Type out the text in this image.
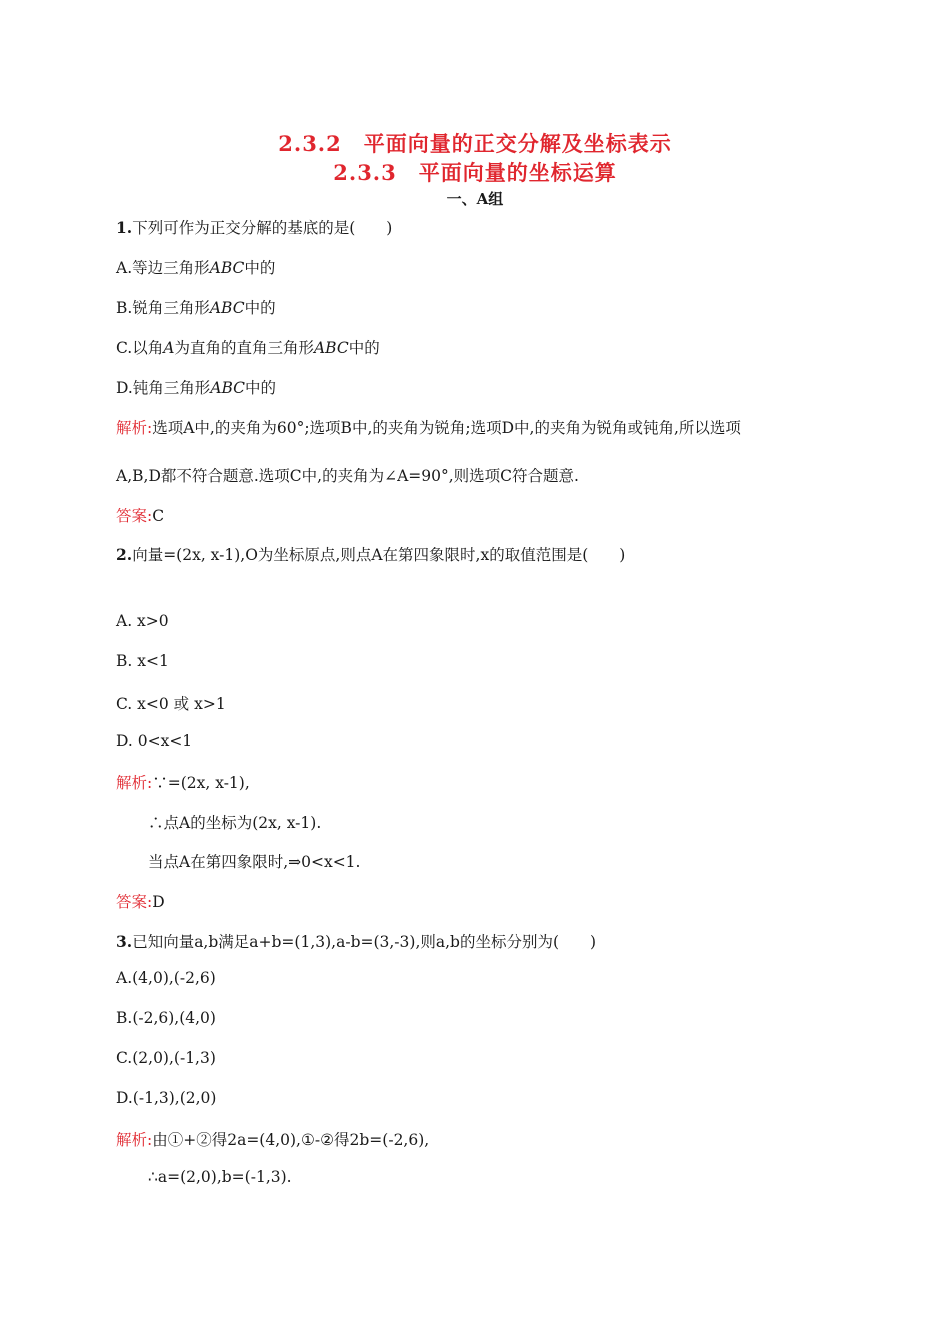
2.3.2　平面向量的正交分解及坐标表示
2.3.3　平面向量的坐标运算
一、A组
1.下列可作为正交分解的基底的是(　　)
A.等边三角形ABC中的
B.锐角三角形ABC中的
C.以角A为直角的直角三角形ABC中的
D.钝角三角形ABC中的
解析:选项A中,的夹角为60°;选项B中,的夹角为锐角;选项D中,的夹角为锐角或钝角,所以选项
A,B,D都不符合题意.选项C中,的夹角为∠A=90°,则选项C符合题意.
答案:C
2.向量=(2x, x-1),O为坐标原点,则点A在第四象限时,x的取值范围是(　　)
A. x>0
B. x<1
C. x<0 或 x>1
D. 0<x<1
解析:∵=(2x, x-1),
∴点A的坐标为(2x, x-1).
当点A在第四象限时,⇒0<x<1.
答案:D
3.已知向量a,b满足a+b=(1,3),a-b=(3,-3),则a,b的坐标分别为(　　)
A.(4,0),(-2,6)
B.(-2,6),(4,0)
C.(2,0),(-1,3)
D.(-1,3),(2,0)
解析:由①+②得2a=(4,0),①-②得2b=(-2,6),
∴a=(2,0),b=(-1,3).
